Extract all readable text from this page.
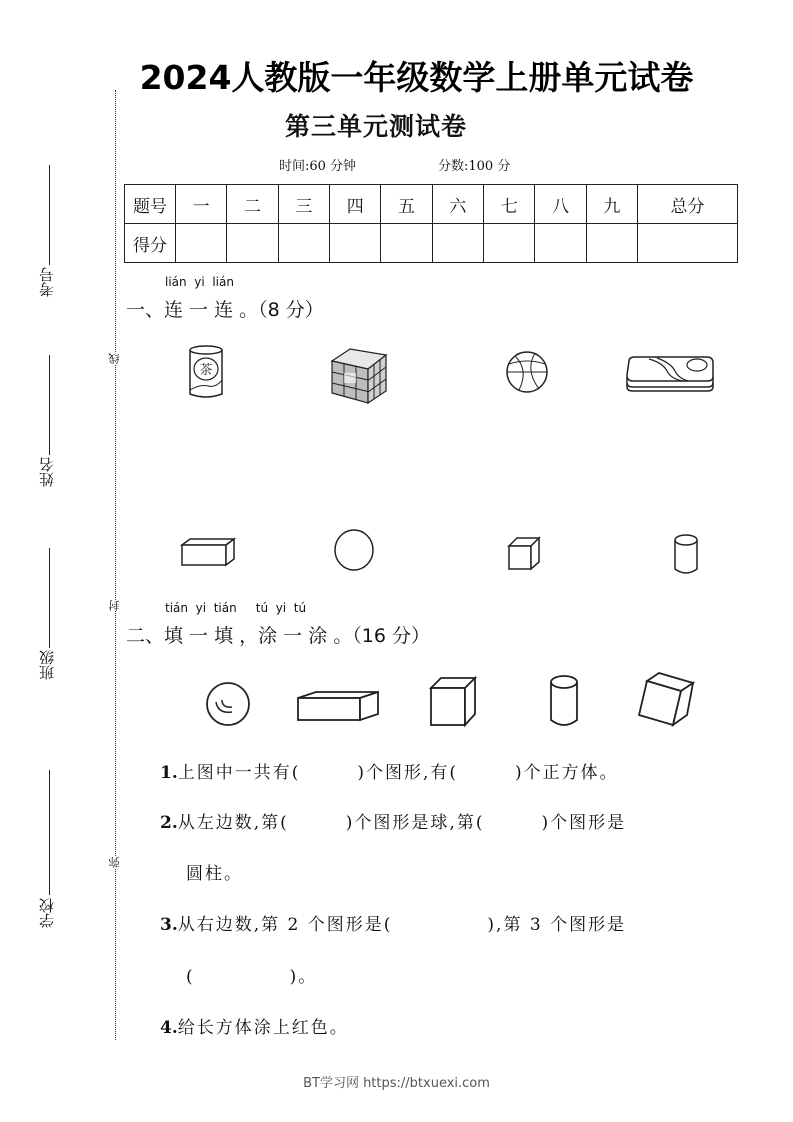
2024人教版一年级数学上册单元试卷
第三单元测试卷
时间:60 分钟	分数:100 分
线
封
弥
考号
姓名
班级
学校
题号	一	二	三	四	五	六	七	八	九	总分
得分										
lián  yi  lián
一、连 一 连 。（8 分）
茶
tián  yi  tián     tú  yi  tú
二、填 一 填 ，涂 一 涂 。（16 分）
1.上图中一共有(　　　)个图形,有(　　　)个正方体。
2.从左边数,第(　　　)个图形是球,第(　　　)个图形是
圆柱。
3.从右边数,第 2 个图形是(　　　　　),第 3 个图形是
(　　　　　)。
4.给长方体涂上红色。
BT学习网 https://btxuexi.com
